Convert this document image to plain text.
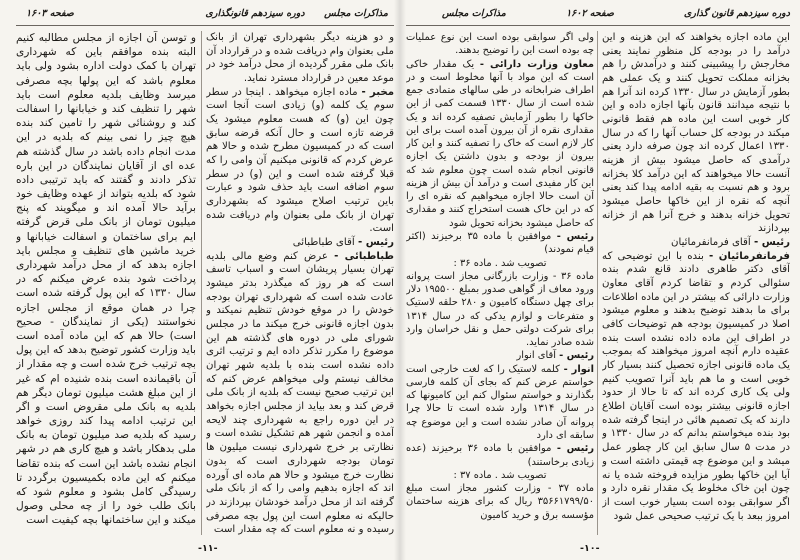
صفحه ۱۶۰۳	دوره سیزدهم قانونگذاری	مذاکرات مجلس

و دو هزینه دیگر بشهرداری تهران از بانک ملی بعنوان وام دریافت شده و در قرارداد آن بانک ملی مقرر گردیده از محل درآمد خود در موعد معین در قرارداد مسترد نماید.

مخبر - ماده اجازه میخواهد . اینجا در سطر سوم یک کلمه (و) زیادی است آنجا است چون این (و) که هست معلوم میشود یک قرضه تازه است و حال آنکه قرضه سابق است که در کمیسیون مطرح شده و حالا هم عرض کردم که قانونی میکنیم آن وامی را که قبلا گرفته شده است و این (و) در سطر سوم اضافه است باید حذف شود و عبارت باین ترتیب اصلاح میشود که بشهرداری تهران از بانک ملی بعنوان وام دریافت شده است.

رئیس - آقای طباطبائی

طباطبائی - عرض کنم وضع مالی بلدیه تهران بسیار پریشان است و اسباب تاسف است که هر روز که میگذرد بدتر میشود عادت شده است که شهرداری تهران بودجه خودش را در موقع خودش تنظیم نمیکند و بدون اجازه قانونی خرج میکند ما در مجلس شورای ملی در دوره های گذشته هم این موضوع را مکرر تذکر داده ایم و ترتیب اثری داده نشده است بنده با بلدیه شهر تهران مخالف نیستم ولی میخواهم عرض کنم که این ترتیب صحیح نیست که بلدیه از بانک ملی قرض کند و بعد بیاید از مجلس اجازه بخواهد در این دوره راجع به شهرداری چند لایحه آمده و انجمن شهر هم تشکیل نشده است و نظارتی بر خرج شهرداری نیست میلیون ها تومان بودجه شهرداری است که بدون نظارت خرج میشود و حالا هم ماده ای آورده اند که اجازه بدهیم وامی را که از بانک ملی گرفته اند از محل درآمد خودشان بپردازند در حالیکه نه معلوم است این پول بچه مصرفی رسیده و نه معلوم است که چه مقدار است

و توسن آن اجازه از مجلس مطالبه کنیم البته بنده موافقم باین که شهرداری تهران با کمک دولت اداره بشود ولی باید معلوم باشد که این پولها بچه مصرفی میرسد وظایف بلدیه معلوم است باید شهر را تنظیف کند و خیابانها را اسفالت کند و روشنائی شهر را تامین کند بنده هیچ چیز را نمی بینم که بلدیه در این مدت انجام داده باشد در سال گذشته هم عده ای از آقایان نمایندگان در این باره تذکر دادند و گفتند که باید ترتیبی داده شود که بلدیه بتواند از عهده وظایف خود برآید حالا آمده اند و میگویند که پنج میلیون تومان از بانک ملی قرض گرفته ایم برای ساختمان و اسفالت خیابانها و خرید ماشین های تنظیف و مجلس باید اجازه بدهد که از محل درآمد شهرداری پرداخت شود بنده عرض میکنم که در سال ۱۳۳۰ که این پول گرفته شده است چرا در همان موقع از مجلس اجازه نخواستند (یکی از نمایندگان - صحیح است) حالا هم که این ماده آمده است باید وزارت کشور توضیح بدهد که این پول بچه ترتیب خرج شده است و چه مقدار از آن باقیمانده است بنده شنیده ام که غیر از این مبلغ هشت میلیون تومان دیگر هم بلدیه به بانک ملی مقروض است و اگر این ترتیب ادامه پیدا کند روزی خواهد رسید که بلدیه صد میلیون تومان به بانک ملی بدهکار باشد و هیچ کاری هم در شهر انجام نشده باشد این است که بنده تقاضا میکنم که این ماده بکمیسیون برگردد تا رسیدگی کامل بشود و معلوم شود که بانک طلب خود را از چه محلی وصول میکند و این ساختمانها بچه کیفیت است

-۱۱-
مذاکرات مجلس	صفحه ۱۶۰۲	دوره سیزدهم قانون گذاری

این ماده اجازه بخواهند که این هزینه و این درآمد را در بودجه کل منظور نمایند یعنی مخارجش را پیشبینی کنند و درآمدش را هم بخزانه مملکت تحویل کنند و یک عملی هم بطور آزمایش در سال ۱۳۳۰ کرده اند آنرا هم با نتیجه میدانند قانون بآنها اجازه داده و این کار خوبی است این ماده هم فقط قانونی میکند در بودجه کل حساب آنها را که در سال ۱۳۳۰ اعمال کرده اند چون صرفه دارد یعنی درآمدی که حاصل میشود بیش از هزینه آنست حالا میخواهند که این درآمد کلا بخزانه برود و هم نسبت به بقیه ادامه پیدا کند یعنی آنچه که نقره از این خاکها حاصل میشود تحویل خزانه بدهند و خرج آنرا هم از خزانه بپردازند

رئیس - آقای فرمانفرمائیان

فرمانفرمائیان - بنده با این توضیحی که آقای دکتر طاهری دادند قانع شدم بنده سئوالی کردم و تقاضا کردم آقای معاون وزارت دارائی که بیشتر در این ماده اطلاعات برای ما بدهند توضیح بدهند و معلوم میشود اصلا در کمیسیون بودجه هم توضیحات کافی در اطراف این ماده داده نشده است بنده عقیده دارم آنچه امروز میخواهند که بموجب یک ماده قانونی اجازه تحصیل کنند بسیار کار خوبی است و ما هم باید آنرا تصویب کنیم ولی یک کاری کرده اند که تا حالا از حدود اجازه قانونی بیشتر بوده است آقایان اطلاع دارند که یک تصمیم هائی در اینجا گرفته شده بود بنده میخواستم بدانم که در سال ۱۳۳۰ و در مدت ۵ سال سابق این کار چطور عمل میشد و این موضوع چه قیمتی داشته است و آیا این خاکها بطور مزایده فروخته شده یا نه چون این خاک مخلوط یک مقدار نقره دارد و اگر سوابقی بوده است بسیار خوب است از امروز ببعد با یک ترتیب صحیحی عمل شود

ولی اگر سوابقی بوده است این نوع عملیات چه بوده است این را توضیح بدهند.

معاون وزارت دارائی - یک مقدار خاکی است که این مواد با آنها مخلوط است و در اطراف ضرابخانه در طی سالهای متمادی جمع شده است از سال ۱۳۳۰ قسمت کمی از این خاکها را بطور آزمایش تصفیه کرده اند و یک مقداری نقره از آن بیرون آمده است برای این کار لازم است که خاک را تصفیه کنند و این کار بیرون از بودجه و بدون داشتن یک اجازه قانونی انجام شده است چون معلوم شد که این کار مفیدی است و درآمد آن بیش از هزینه آن است حالا اجازه میخواهیم که نقره ای را که در این خاک هست استخراج کنند و مقداری که حاصل میشود بخزانه تحویل شود

رئیس - موافقین با ماده ۳۵ برخیزند (اکثر قیام نمودند)

تصویب شد . ماده ۳۶ :

ماده ۳۶ - وزارت بازرگانی مجاز است پروانه ورود معاف از گواهی صدور بمبلغ ۱۹۵۵۰۰ دلار برای چهل دستگاه کامیون و ۲۸۰ حلقه لاستیک و متفرعات و لوازم یدکی که در سال ۱۳۱۴ برای شرکت دولتی حمل و نقل خراسان وارد شده صادر نماید.

رئیس - آقای انوار

انوار - کلمه لاستیک را که لغت خارجی است خواستم عرض کنم که بجای آن کلمه فارسی بگذارند و خواستم سئوال کنم این کامیونها که در سال ۱۳۱۴ وارد شده است تا حالا چرا پروانه آن صادر نشده است و این موضوع چه سابقه ای دارد

رئیس - موافقین با ماده ۳۶ برخیزند (عده زیادی برخاستند)

تصویب شد . ماده ۳۷ :

ماده ۳۷ - وزارت کشور مجاز است مبلغ ۳۵۶۶۱۷۹۹/۵۰ ریال که برای هزینه ساختمان مؤسسه برق و خرید کامیون

-۱۰-
